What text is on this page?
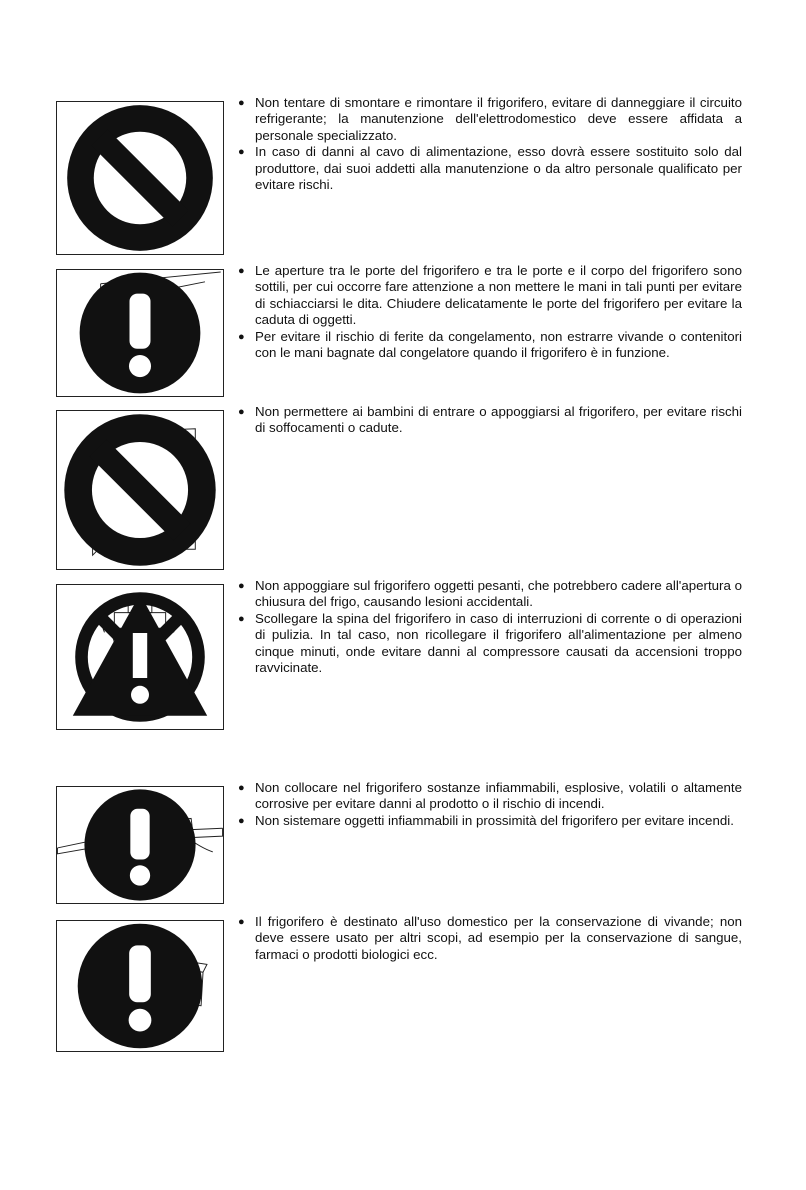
● Non tentare di smontare e rimontare il frigorifero, evitare di danneggiare il circuito refrigerante; la manutenzione dell'elettrodomestico deve essere affidata a personale specializzato.

● In caso di danni al cavo di alimentazione, esso dovrà essere sostituito solo dal produttore, dai suoi addetti alla manutenzione o da altro personale qualificato per evitare rischi.

● Le aperture tra le porte del frigorifero e tra le porte e il corpo del frigorifero sono sottili, per cui occorre fare attenzione a non mettere le mani in tali punti per evitare di schiacciarsi le dita. Chiudere delicatamente le porte del frigorifero per evitare la caduta di oggetti.

● Per evitare il rischio di ferite da congelamento, non estrarre vivande o contenitori con le mani bagnate dal congelatore quando il frigorifero è in funzione.

● Non permettere ai bambini di entrare o appoggiarsi al frigorifero, per evitare rischi di soffocamenti o cadute.

● Non appoggiare sul frigorifero oggetti pesanti, che potrebbero cadere all'apertura o chiusura del frigo, causando lesioni accidentali.

● Scollegare la spina del frigorifero in caso di interruzioni di corrente o di operazioni di pulizia. In tal caso, non ricollegare il frigorifero all'alimentazione per almeno cinque minuti, onde evitare danni al compressore causati da accensioni troppo ravvicinate.

● Non collocare nel frigorifero sostanze infiammabili, esplosive, volatili o altamente corrosive per evitare danni al prodotto o il rischio di incendi.

● Non sistemare oggetti infiammabili in prossimità del frigorifero per evitare incendi.

● Il frigorifero è destinato all'uso domestico per la conservazione di vivande; non deve essere usato per altri scopi, ad esempio per la conservazione di sangue, farmaci o prodotti biologici ecc.
